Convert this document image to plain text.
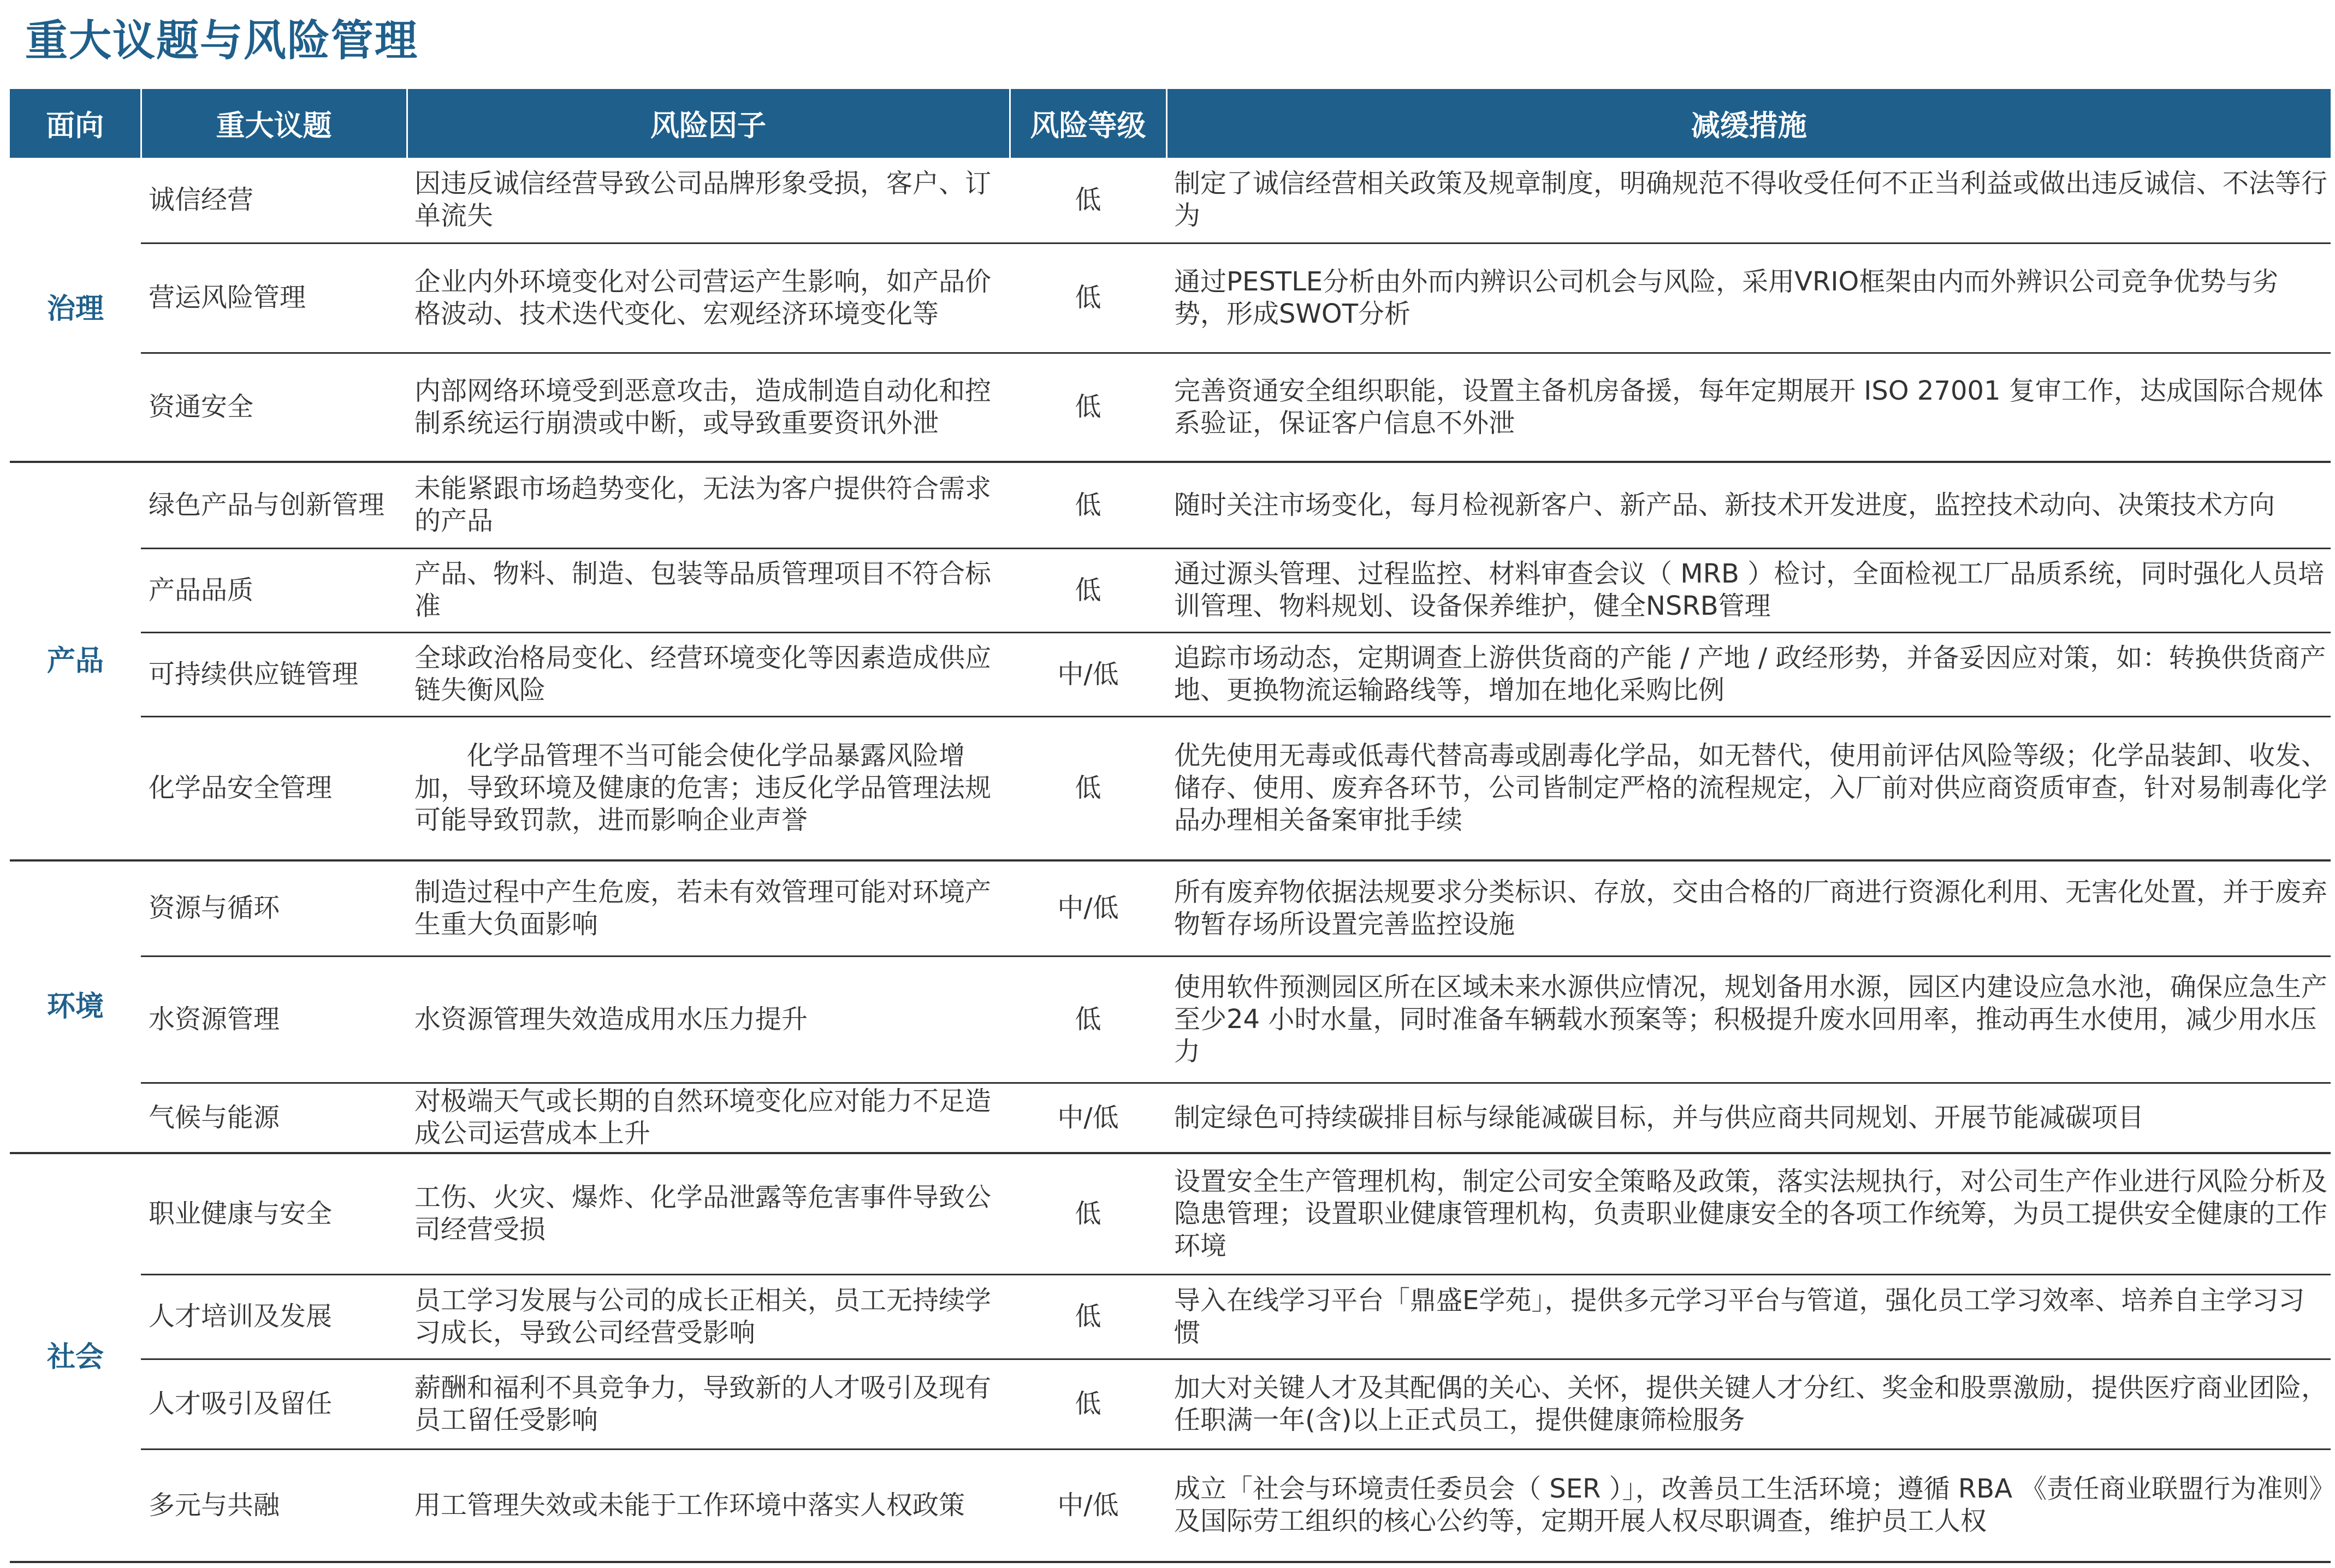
重大议题与风险管理
面向	重大议题	风险因子	风险等级	减缓措施
治理	诚信经营	因违反诚信经营导致公司品牌形象受损，客户、订单流失	低	制定了诚信经营相关政策及规章制度，明确规范不得收受任何不正当利益或做出违反诚信、不法等行为
	营运风险管理	企业内外环境变化对公司营运产生影响，如产品价格波动、技术迭代变化、宏观经济环境变化等	低	通过PESTLE分析由外而内辨识公司机会与风险，采用VRIO框架由内而外辨识公司竞争优势与劣势，形成SWOT分析
	资通安全	内部网络环境受到恶意攻击，造成制造自动化和控制系统运行崩溃或中断，或导致重要资讯外泄	低	完善资通安全组织职能，设置主备机房备援，每年定期展开 ISO 27001 复审工作，达成国际合规体系验证，保证客户信息不外泄
产品	绿色产品与创新管理	未能紧跟市场趋势变化，无法为客户提供符合需求的产品	低	随时关注市场变化，每月检视新客户、新产品、新技术开发进度，监控技术动向、决策技术方向
	产品品质	产品、物料、制造、包装等品质管理项目不符合标准	低	通过源头管理、过程监控、材料审查会议（ MRB ）检讨，全面检视工厂品质系统，同时强化人员培训管理、物料规划、设备保养维护，健全NSRB管理
	可持续供应链管理	全球政治格局变化、经营环境变化等因素造成供应链失衡风险	中/低	追踪市场动态，定期调查上游供货商的产能 / 产地 / 政经形势，并备妥因应对策，如：转换供货商产地、更换物流运输路线等，增加在地化采购比例
	化学品安全管理	化学品管理不当可能会使化学品暴露风险增加，导致环境及健康的危害；违反化学品管理法规可能导致罚款，进而影响企业声誉	低	优先使用无毒或低毒代替高毒或剧毒化学品，如无替代，使用前评估风险等级；化学品装卸、收发、储存、使用、废弃各环节，公司皆制定严格的流程规定，入厂前对供应商资质审查，针对易制毒化学品办理相关备案审批手续
环境	资源与循环	制造过程中产生危废，若未有效管理可能对环境产生重大负面影响	中/低	所有废弃物依据法规要求分类标识、存放，交由合格的厂商进行资源化利用、无害化处置，并于废弃物暂存场所设置完善监控设施
	水资源管理	水资源管理失效造成用水压力提升	低	使用软件预测园区所在区域未来水源供应情况，规划备用水源，园区内建设应急水池，确保应急生产至少24 小时水量，同时准备车辆载水预案等；积极提升废水回用率，推动再生水使用，减少用水压力
	气候与能源	对极端天气或长期的自然环境变化应对能力不足造成公司运营成本上升	中/低	制定绿色可持续碳排目标与绿能减碳目标，并与供应商共同规划、开展节能减碳项目
社会	职业健康与安全	工伤、火灾、爆炸、化学品泄露等危害事件导致公司经营受损	低	设置安全生产管理机构，制定公司安全策略及政策，落实法规执行，对公司生产作业进行风险分析及隐患管理；设置职业健康管理机构，负责职业健康安全的各项工作统筹，为员工提供安全健康的工作环境
	人才培训及发展	员工学习发展与公司的成长正相关，员工无持续学习成长，导致公司经营受影响	低	导入在线学习平台「鼎盛E学苑」，提供多元学习平台与管道，强化员工学习效率、培养自主学习习惯
	人才吸引及留任	薪酬和福利不具竞争力，导致新的人才吸引及现有员工留任受影响	低	加大对关键人才及其配偶的关心、关怀，提供关键人才分红、奖金和股票激励，提供医疗商业团险，任职满一年(含)以上正式员工，提供健康筛检服务
	多元与共融	用工管理失效或未能于工作环境中落实人权政策	中/低	成立「社会与环境责任委员会（ SER ）」，改善员工生活环境；遵循 RBA 《责任商业联盟行为准则》及国际劳工组织的核心公约等，定期开展人权尽职调查，维护员工人权
